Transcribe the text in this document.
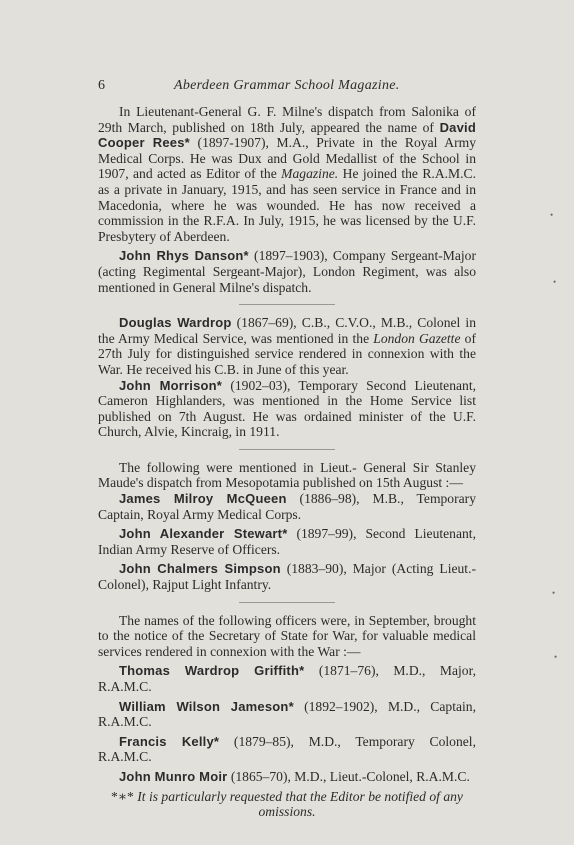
6	Aberdeen Grammar School Magazine.

In Lieutenant-General G. F. Milne's dispatch from Salonika of 29th March, published on 18th July, appeared the name of David Cooper Rees* (1897-1907), M.A., Private in the Royal Army Medical Corps. He was Dux and Gold Medallist of the School in 1907, and acted as Editor of the Magazine. He joined the R.A.M.C. as a private in January, 1915, and has seen service in France and in Macedonia, where he was wounded. He has now received a commission in the R.F.A. In July, 1915, he was licensed by the U.F. Presbytery of Aberdeen.

John Rhys Danson* (1897–1903), Company Sergeant-Major (acting Regimental Sergeant-Major), London Regiment, was also mentioned in General Milne's dispatch.

Douglas Wardrop (1867–69), C.B., C.V.O., M.B., Colonel in the Army Medical Service, was mentioned in the London Gazette of 27th July for distinguished service rendered in connexion with the War. He received his C.B. in June of this year.

John Morrison* (1902–03), Temporary Second Lieutenant, Cameron Highlanders, was mentioned in the Home Service list published on 7th August. He was ordained minister of the U.F. Church, Alvie, Kincraig, in 1911.

The following were mentioned in Lieut.- General Sir Stanley Maude's dispatch from Mesopotamia published on 15th August :—

James Milroy McQueen (1886–98), M.B., Temporary Captain, Royal Army Medical Corps.

John Alexander Stewart* (1897–99), Second Lieutenant, Indian Army Reserve of Officers.

John Chalmers Simpson (1883–90), Major (Acting Lieut.-Colonel), Rajput Light Infantry.

The names of the following officers were, in September, brought to the notice of the Secretary of State for War, for valuable medical services rendered in connexion with the War :—

Thomas Wardrop Griffith* (1871–76), M.D., Major, R.A.M.C.

William Wilson Jameson* (1892–1902), M.D., Captain, R.A.M.C.

Francis Kelly* (1879–85), M.D., Temporary Colonel, R.A.M.C.

John Munro Moir (1865–70), M.D., Lieut.-Colonel, R.A.M.C.

*∗* It is particularly requested that the Editor be notified of any omissions.

•
•
•
•
